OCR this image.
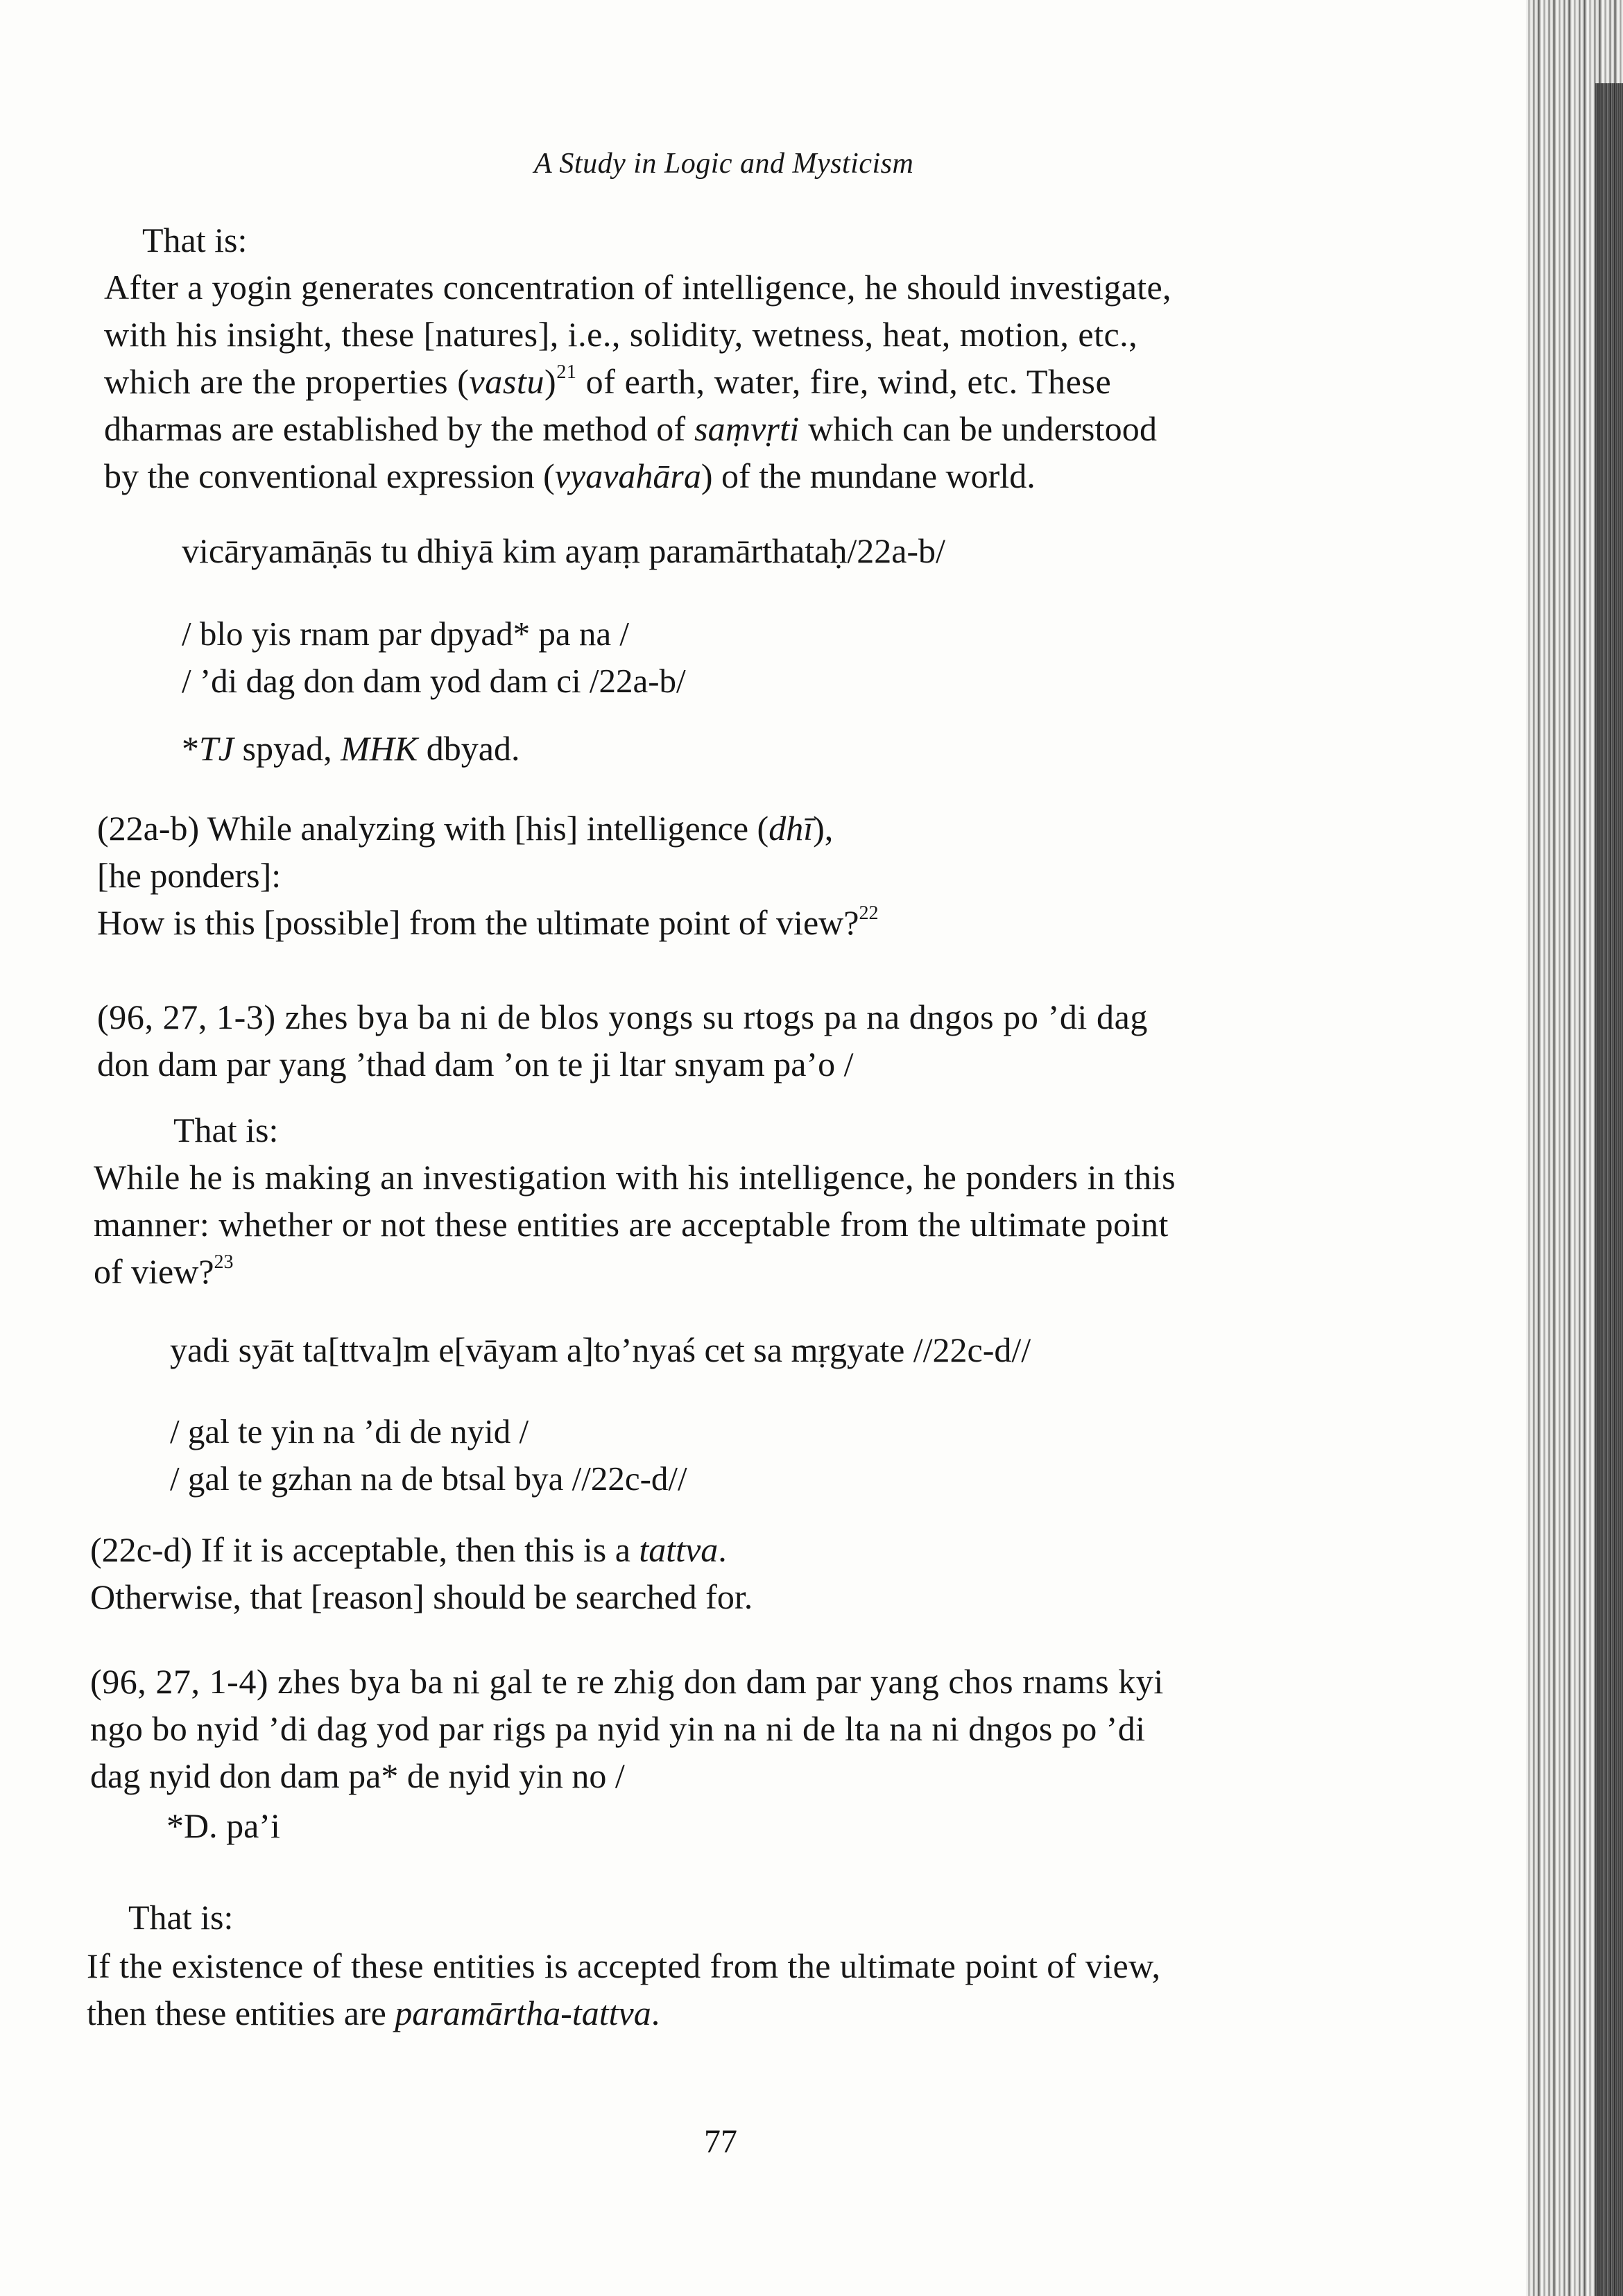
A Study in Logic and Mysticism
That is:
After a yogin generates concentration of intelligence, he should investigate,
with his insight, these [natures], i.e., solidity, wetness, heat, motion, etc.,
which are the properties (vastu)$^{21}$ of earth, water, fire, wind, etc. These
dharmas are established by the method of saṃvṛti which can be understood
by the conventional expression (vyavahāra) of the mundane world.
vicāryamāṇās tu dhiyā kim ayaṃ paramārthataḥ/22a-b/
/ blo yis rnam par dpyad* pa na /
/ ’di dag don dam yod dam ci /22a-b/
*TJ spyad, MHK dbyad.
(22a-b) While analyzing with [his] intelligence (dhī),
[he ponders]:
How is this [possible] from the ultimate point of view?$^{22}$
(96, 27, 1-3) zhes bya ba ni de blos yongs su rtogs pa na dngos po ’di dag
don dam par yang ’thad dam ’on te ji ltar snyam pa’o /
That is:
While he is making an investigation with his intelligence, he ponders in this
manner: whether or not these entities are acceptable from the ultimate point
of view?$^{23}$
yadi syāt ta[ttva]m e[vāyam a]to’nyaś cet sa mṛgyate //22c-d//
/ gal te yin na ’di de nyid /
/ gal te gzhan na de btsal bya //22c-d//
(22c-d) If it is acceptable, then this is a tattva.
Otherwise, that [reason] should be searched for.
(96, 27, 1-4) zhes bya ba ni gal te re zhig don dam par yang chos rnams kyi
ngo bo nyid ’di dag yod par rigs pa nyid yin na ni de lta na ni dngos po ’di
dag nyid don dam pa* de nyid yin no /
*D. pa’i
That is:
If the existence of these entities is accepted from the ultimate point of view,
then these entities are paramārtha-tattva.
77
